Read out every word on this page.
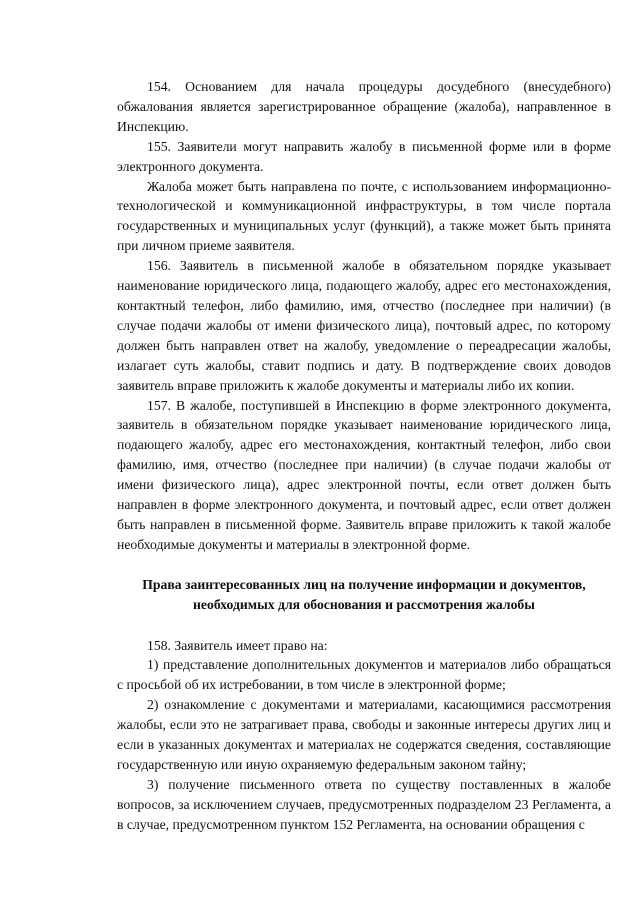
154. Основанием для начала процедуры досудебного (внесудебного) обжалования является зарегистрированное обращение (жалоба), направленное в Инспекцию.

155. Заявители могут направить жалобу в письменной форме или в форме электронного документа.

Жалоба может быть направлена по почте, с использованием информационно-технологической и коммуникационной инфраструктуры, в том числе портала государственных и муниципальных услуг (функций), а также может быть принята при личном приеме заявителя.

156. Заявитель в письменной жалобе в обязательном порядке указывает наименование юридического лица, подающего жалобу, адрес его местонахождения, контактный телефон, либо фамилию, имя, отчество (последнее при наличии) (в случае подачи жалобы от имени физического лица), почтовый адрес, по которому должен быть направлен ответ на жалобу, уведомление о переадресации жалобы, излагает суть жалобы, ставит подпись и дату. В подтверждение своих доводов заявитель вправе приложить к жалобе документы и материалы либо их копии.

157. В жалобе, поступившей в Инспекцию в форме электронного документа, заявитель в обязательном порядке указывает наименование юридического лица, подающего жалобу, адрес его местонахождения, контактный телефон, либо свои фамилию, имя, отчество (последнее при наличии) (в случае подачи жалобы от имени физического лица), адрес электронной почты, если ответ должен быть направлен в форме электронного документа, и почтовый адрес, если ответ должен быть направлен в письменной форме. Заявитель вправе приложить к такой жалобе необходимые документы и материалы в электронной форме.

Права заинтересованных лиц на получение информации и документов, необходимых для обоснования и рассмотрения жалобы

158. Заявитель имеет право на:

1) представление дополнительных документов и материалов либо обращаться с просьбой об их истребовании, в том числе в электронной форме;

2) ознакомление с документами и материалами, касающимися рассмотрения жалобы, если это не затрагивает права, свободы и законные интересы других лиц и если в указанных документах и материалах не содержатся сведения, составляющие государственную или иную охраняемую федеральным законом тайну;

3) получение письменного ответа по существу поставленных в жалобе вопросов, за исключением случаев, предусмотренных подразделом 23 Регламента, а в случае, предусмотренном пунктом 152 Регламента, на основании обращения с
